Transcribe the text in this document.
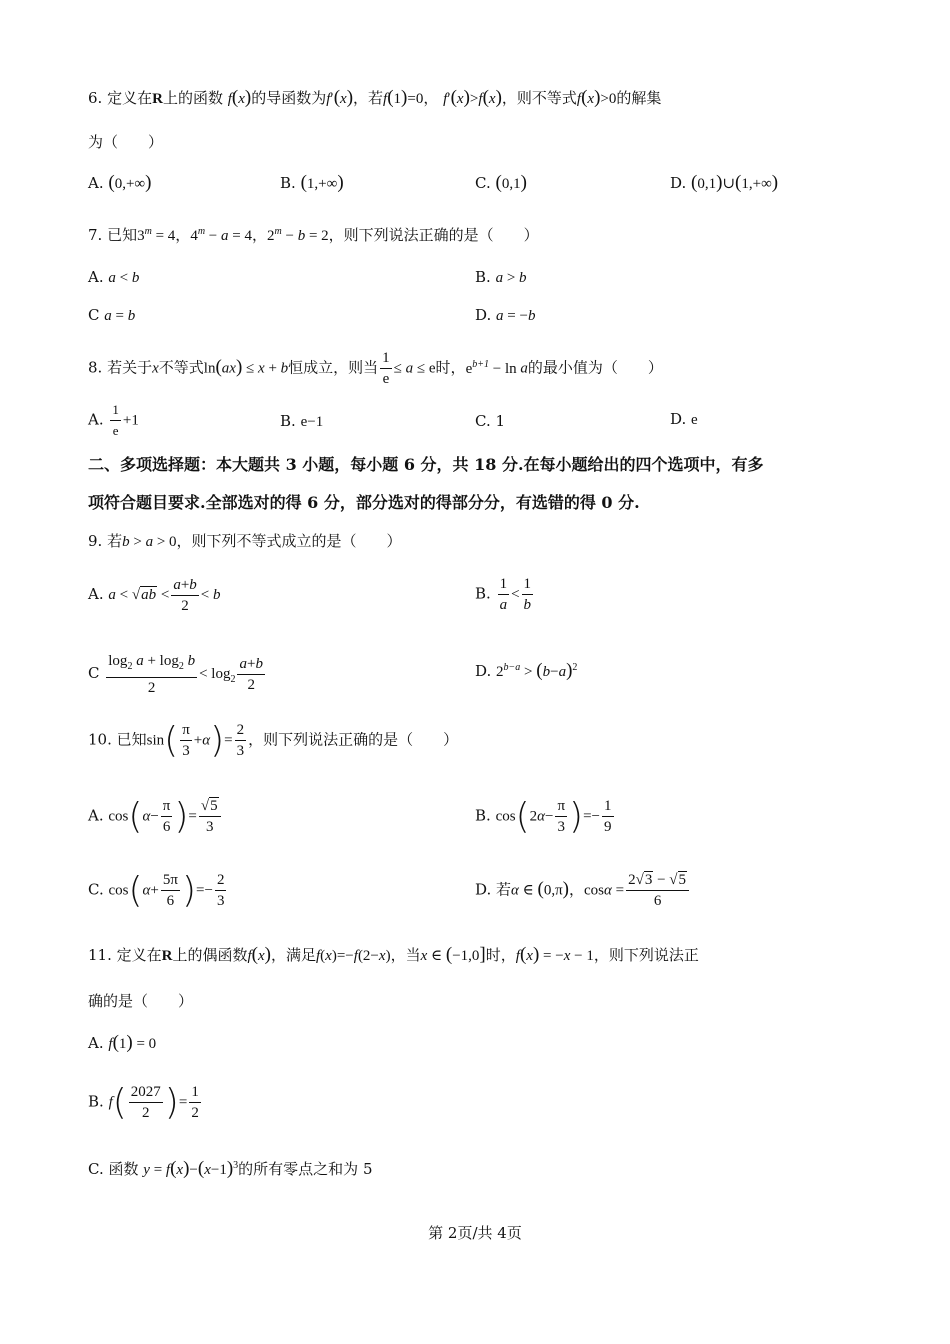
6. 定义在R上的函数 f(x)的导函数为f′(x)，若f(1)=0， f′(x)>f(x)，则不等式f(x)>0的解集
为（　　）
A. (0,+∞)	B. (1,+∞)	C. (0,1)	D. (0,1)∪(1,+∞)
7. 已知$3^m = 4$，$4^m - a = 4$，$2^m - b = 2$，则下列说法正确的是（　　）
A. a < b	B. a > b
C a = b	D. a = −b
8. 若关于x不等式ln(ax) ≤ x + b恒成立，则当 $\frac{1}{e} \le a \le e$时，$e^{b+1} - \ln a$的最小值为（　　）
A. $\frac{1}{e} +1$	B. e−1	C. 1	D. e
二、多项选择题：本大题共 3 小题，每小题 6 分，共 18 分.在每小题给出的四个选项中，有多
项符合题目要求.全部选对的得 6 分，部分选对的得部分分，有选错的得 0 分.
9. 若b > a > 0，则下列不等式成立的是（　　）
A. $a < √ab < \frac{a+b}{2} < b$	B. $\frac{1}{a} < \frac{1}{b}$
C $\frac{\log_2 a + \log_2 b}{2} < \log_2 \frac{a+b}{2}$	D. $2^{b-a} > (b-a)^2$
10. 已知$\sin( \frac{\pi}{3} +\alpha)= \frac{2}{3}$ ，则下列说法正确的是（　　）
A. $\cos(\alpha- \frac{\pi}{6}$ )= $\frac{√5}{3}$	B. $\cos(2\alpha- \frac{\pi}{3}$ )=− $\frac{1}{9}$
C. $\cos(\alpha+ \frac{5\pi}{6}$ )=− $\frac{2}{3}$	D. 若α ∈ (0,π)，$\cos\alpha = \frac{2√3 - √5}{6}$
11. 定义在R上的偶函数f(x)，满足f(x)=−f(2−x)，当x ∈ (−1,0]时，f(x) = −x − 1，则下列说法正
确的是（　　）
A. f(1) = 0
B. $f( \frac{2027}{2}$ )= $\frac{1}{2}$
C. 函数 $y = f(x)-(x-1)^3$的所有零点之和为 5
第 2页/共 4页
